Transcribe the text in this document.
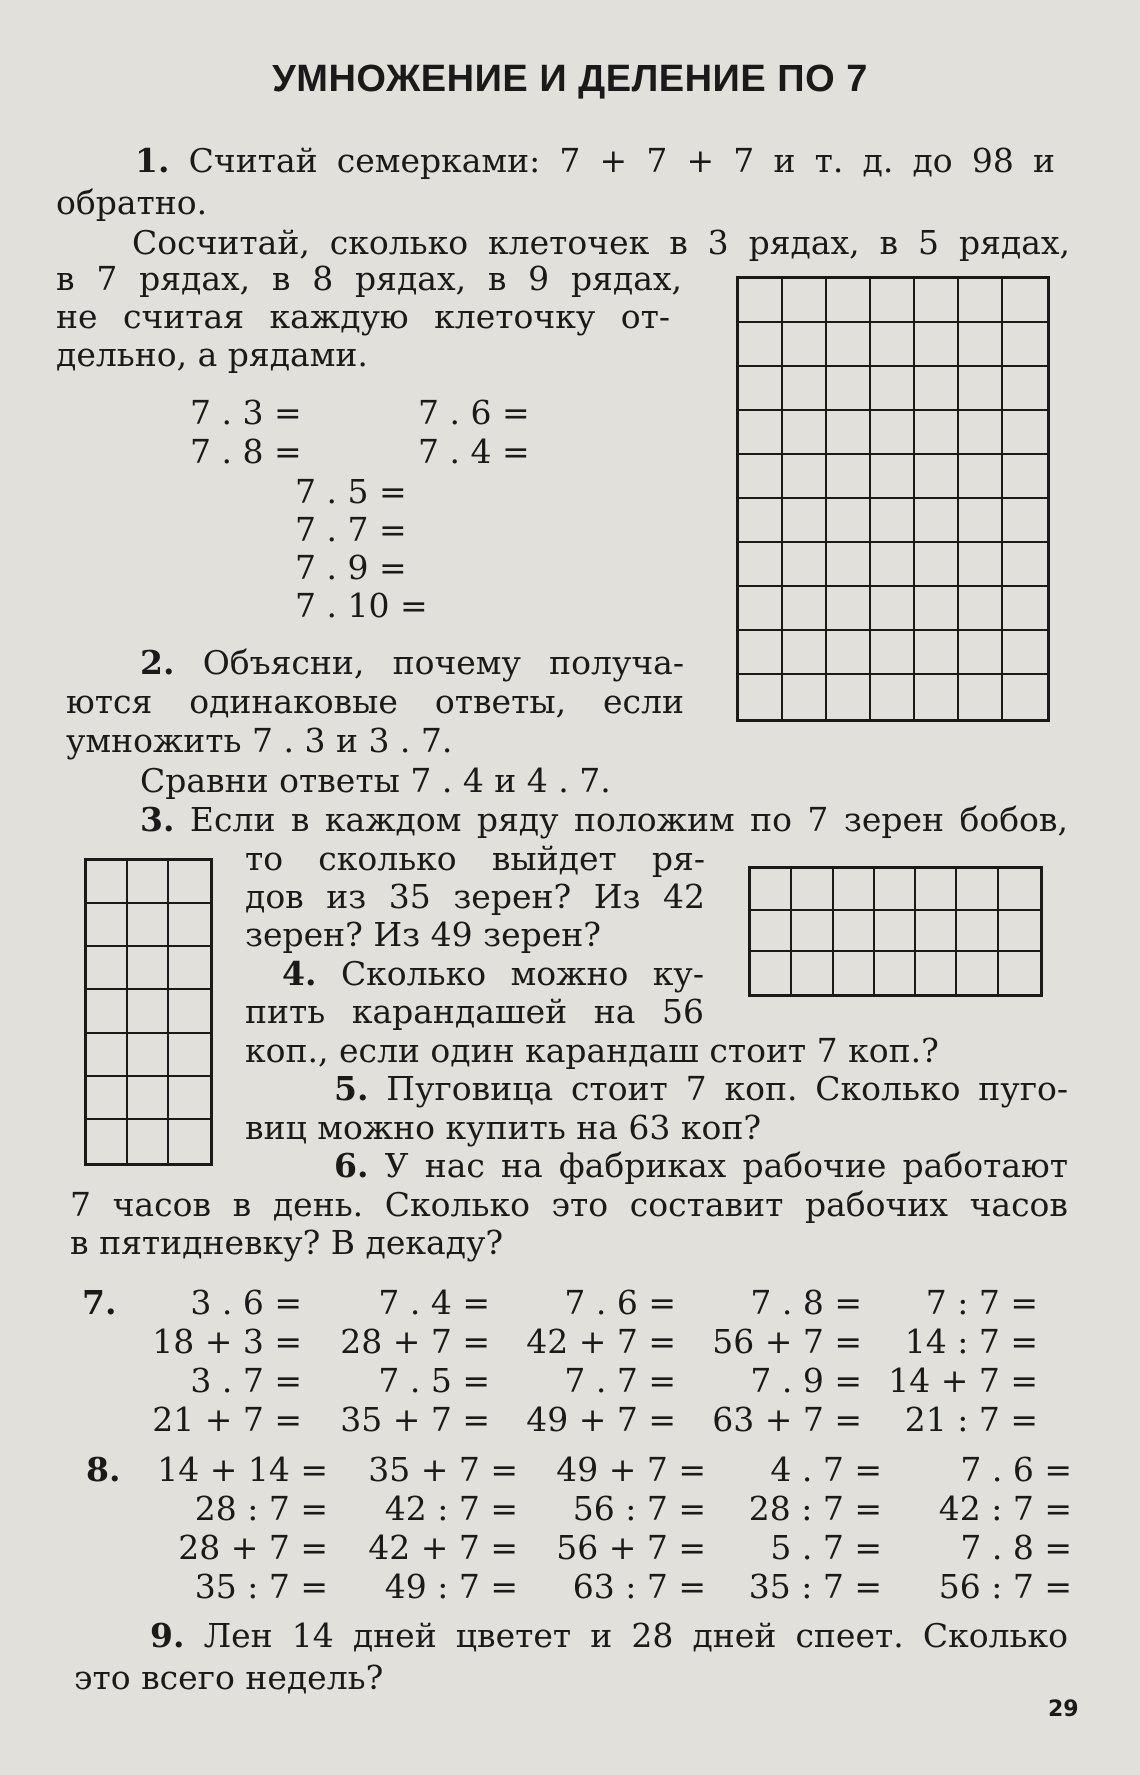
УМНОЖЕНИЕ И ДЕЛЕНИЕ ПО 7
1. Считай семерками: 7 + 7 + 7 и т. д. до 98 и
обратно.
Сосчитай, сколько клеточек в 3 рядах, в 5 рядах,
в 7 рядах, в 8 рядах, в 9 рядах,
не считая каждую клеточку от-
дельно, а рядами.
7 . 3 =	7 . 6 =
7 . 8 =	7 . 4 =
7 . 5 =
7 . 7 =
7 . 9 =
7 . 10 =
2. Объясни, почему получа-
ются одинаковые ответы, если
умножить 7 . 3 и 3 . 7.
Сравни ответы 7 . 4 и 4 . 7.
3. Если в каждом ряду положим по 7 зерен бобов,
то сколько выйдет ря-
дов из 35 зерен? Из 42
зерен? Из 49 зерен?
4. Сколько можно ку-
пить карандашей на 56
коп., если один карандаш стоит 7 коп.?
5. Пуговица стоит 7 коп. Сколько пуго-
виц можно купить на 63 коп?
6. У нас на фабриках рабочие работают
7 часов в день. Сколько это составит рабочих часов
в пятидневку? В декаду?
7.	3 . 6 =	7 . 4 =	7 . 6 =	7 . 8 =	7 : 7 =
18 + 3 =	28 + 7 =	42 + 7 =	56 + 7 =	14 : 7 =
3 . 7 =	7 . 5 =	7 . 7 =	7 . 9 = 14 + 7 =
21 + 7 =	35 + 7 =	49 + 7 =	63 + 7 =	21 : 7 =
8.	14 + 14 =	35 + 7 =	49 + 7 =	4 . 7 =	7 . 6 =
28 : 7 =	42 : 7 =	56 : 7 =	28 : 7 =	42 : 7 =
28 + 7 =	42 + 7 =	56 + 7 =	5 . 7 =	7 . 8 =
35 : 7 =	49 : 7 =	63 : 7 =	35 : 7 =	56 : 7 =
9. Лен 14 дней цветет и 28 дней спеет. Сколько
это всего недель?
29
